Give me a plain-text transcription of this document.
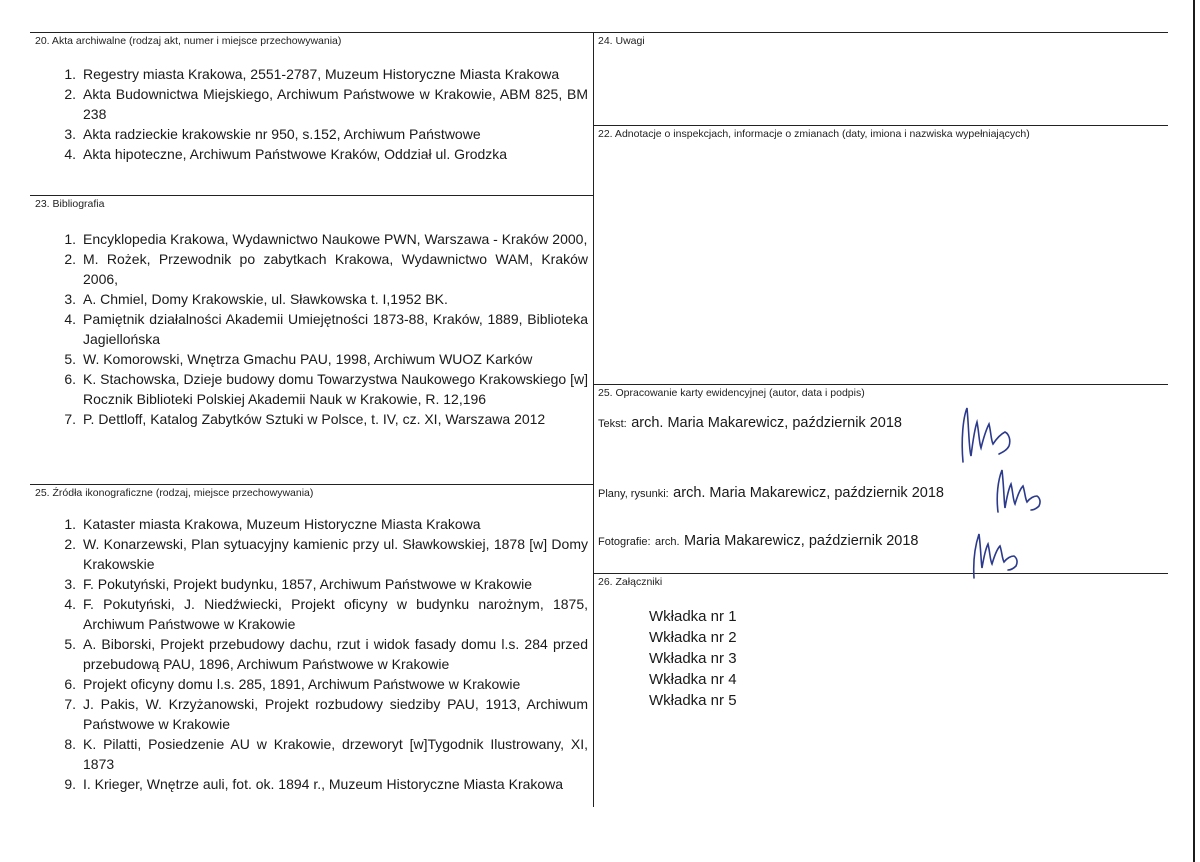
20. Akta archiwalne (rodzaj akt, numer i miejsce przechowywania)
1. Regestry miasta Krakowa, 2551-2787, Muzeum Historyczne Miasta Krakowa
2. Akta Budownictwa Miejskiego, Archiwum Państwowe w Krakowie, ABM 825, BM 238
3. Akta radzieckie krakowskie nr 950, s.152, Archiwum Państwowe
4. Akta hipoteczne, Archiwum Państwowe Kraków, Oddział ul. Grodzka
23. Bibliografia
1. Encyklopedia Krakowa, Wydawnictwo Naukowe PWN, Warszawa - Kraków 2000,
2. M. Rożek, Przewodnik po zabytkach Krakowa, Wydawnictwo WAM, Kraków 2006,
3. A. Chmiel, Domy Krakowskie, ul. Sławkowska t. I,1952 BK.
4. Pamiętnik działalności Akademii Umiejętności 1873-88, Kraków, 1889, Biblioteka Jagiellońska
5. W. Komorowski, Wnętrza Gmachu PAU, 1998, Archiwum WUOZ Karków
6. K. Stachowska, Dzieje budowy domu Towarzystwa Naukowego Krakowskiego [w] Rocznik Biblioteki Polskiej Akademii Nauk w Krakowie, R. 12,196
7. P. Dettloff, Katalog Zabytków Sztuki w Polsce, t. IV, cz. XI, Warszawa 2012
25. Źródła ikonograficzne (rodzaj, miejsce przechowywania)
1. Kataster miasta Krakowa, Muzeum Historyczne Miasta Krakowa
2. W. Konarzewski, Plan sytuacyjny kamienic przy ul. Sławkowskiej, 1878 [w] Domy Krakowskie
3. F. Pokutyński, Projekt budynku, 1857, Archiwum Państwowe w Krakowie
4. F. Pokutyński, J. Niedźwiecki, Projekt oficyny w budynku narożnym, 1875, Archiwum Państwowe w Krakowie
5. A. Biborski, Projekt przebudowy dachu, rzut i widok fasady domu l.s. 284 przed przebudową PAU, 1896, Archiwum Państwowe w Krakowie
6. Projekt oficyny domu l.s. 285, 1891, Archiwum Państwowe w Krakowie
7. J. Pakis, W. Krzyżanowski, Projekt rozbudowy siedziby PAU, 1913, Archiwum Państwowe w Krakowie
8. K. Pilatti, Posiedzenie AU w Krakowie, drzeworyt [w]Tygodnik Ilustrowany, XI, 1873
9. I. Krieger, Wnętrze auli, fot. ok. 1894 r., Muzeum Historyczne Miasta Krakowa
24. Uwagi
22. Adnotacje o inspekcjach, informacje o zmianach (daty, imiona i nazwiska wypełniających)
25. Opracowanie karty ewidencyjnej (autor, data i podpis)
Tekst: arch. Maria Makarewicz, październik 2018
Plany, rysunki: arch. Maria Makarewicz, październik 2018
Fotografie: arch. Maria Makarewicz, październik 2018
26. Załączniki
Wkładka nr 1
Wkładka nr 2
Wkładka nr 3
Wkładka nr 4
Wkładka nr 5
